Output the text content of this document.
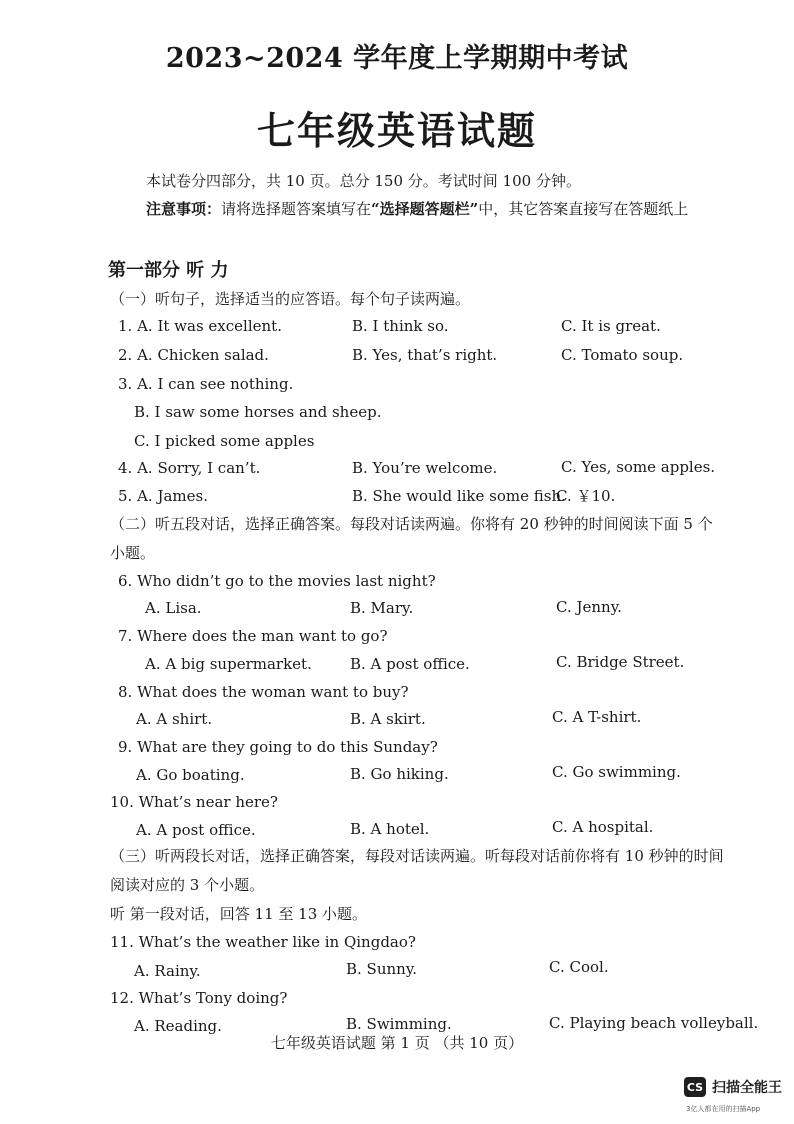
2023~2024 学年度上学期期中考试
七年级英语试题
本试卷分四部分，共 10 页。总分 150 分。考试时间 100 分钟。
注意事项：请将选择题答案填写在“选择题答题栏”中，其它答案直接写在答题纸上
第一部分 听 力
（一）听句子，选择适当的应答语。每个句子读两遍。
1. A. It was excellent.	B. I think so.	C. It is great.
2. A. Chicken salad.	B. Yes, that’s right.	C. Tomato soup.
3. A. I can see nothing.
B. I saw some horses and sheep.
C. I picked some apples
4. A. Sorry, I can’t.	B. You’re welcome.	C. Yes, some apples.
5. A. James.	B. She would like some fish.
C. ￥10.
（二）听五段对话，选择正确答案。每段对话读两遍。你将有 20 秒钟的时间阅读下面 5 个
小题。
6. Who didn’t go to the movies last night?
A. Lisa.	B. Mary.	C. Jenny.
7. Where does the man want to go?
A. A big supermarket.	B. A post office.	C. Bridge Street.
8. What does the woman want to buy?
A. A shirt.	B. A skirt.	C. A T-shirt.
9. What are they going to do this Sunday?
A. Go boating.	B. Go hiking.	C. Go swimming.
10. What’s near here?
A. A post office.	B. A hotel.	C. A hospital.
（三）听两段长对话，选择正确答案，每段对话读两遍。听每段对话前你将有 10 秒钟的时间
阅读对应的 3 个小题。
听 第一段对话，回答 11 至 13 小题。
11. What’s the weather like in Qingdao?
A. Rainy.	B. Sunny.	C. Cool.
12. What’s Tony doing?
A. Reading.	B. Swimming.	C. Playing beach volleyball.
七年级英语试题 第 1 页 （共 10 页）
CS 扫描全能王
3亿人都在用的扫描App
